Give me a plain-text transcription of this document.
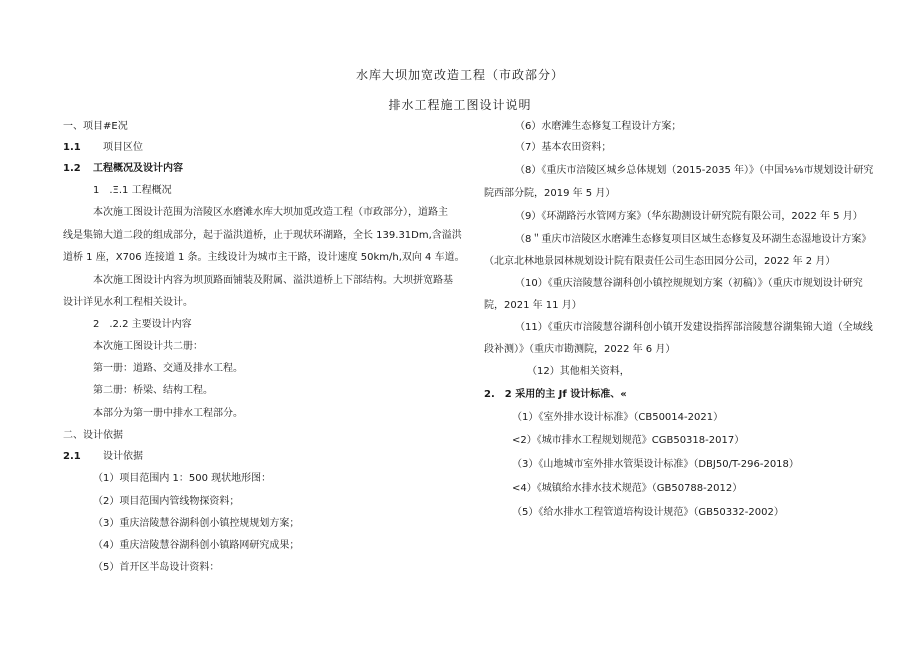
水库大坝加宽改造工程（市政部分）
排水工程施工图设计说明
一、项目#E况
1.1 项目区位
1.2 工程概况及设计内容
1　.Ξ.1 工程概况
本次施工图设计范围为涪陵区水磨滩水库大坝加觅改造工程（市政部分），道路主
线是集锦大道二段的组成部分，起于溢洪道桥，止于现状环湖路，全长 139.31Dm,含溢洪
道桥 1 座，X706 连接道 1 条。主线设计为城市主干路，设计速度 50km∕h,双向 4 车道。
本次施工图设计内容为坝顶路面铺装及附属、溢洪道桥上下部结构。大坝拼宽路基
设计详见水利工程相关设计。
2　.2.2 主要设计内容
本次施工图设计共二册：
第一册：道路、交通及排水工程。
第二册：桥梁、结构工程。
本部分为第一册中排水工程部分。
二、设计依据
2.1 设计依据
（1）项目范围内 1：500 现状地形图：
（2）项目范围内管线物探资料；
（3）重庆涪陵慧谷湖科创小镇控规规划方案；
（4）重庆涪陵慧谷湖科创小镇路网研究成果；
（5）首开区半岛设计资料：
（6）水磨滩生态修复工程设计方案；
（7）基本农田资料；
（8）《重庆市涪陵区城乡总体规划（2015-2035 年）》（中国⅛⅛市规划设计研究
院西部分院，2019 年 5 月）
（9）《环湖路污水管网方案》（华东勘测设计研究院有限公司，2022 年 5 月）
（8＂重庆市涪陵区水磨滩生态修复项目区域生态修复及环湖生态湿地设计方案》
（北京北林地景园林规划设计院有限责任公司生态田园分公司，2022 年 2 月）
（10）《重庆涪陵慧谷湖科创小镇控规规划方案（初稿）》（重庆市规划设计研究
院，2021 年 11 月）
（11）《重庆市涪陵慧谷湖科创小镇开发建设指挥部涪陵慧谷湖集锦大道（全域线
段补测）》（重庆市勘测院，2022 年 6 月）
（12）其他相关资料，
2.　2 采用的主 Jf 设计标准、«
（1）《室外排水设计标准》（CB50014-2021）
<2）《城市排水工程规划规范》CGB50318-2017）
（3）《山地城市室外排水管渠设计标准》（DBJ50/T-296-2018）
<4）《城镇给水排水技术规范》（GB50788-2012）
（5）《给水排水工程管道培构设计规范》（GB50332-2002）
